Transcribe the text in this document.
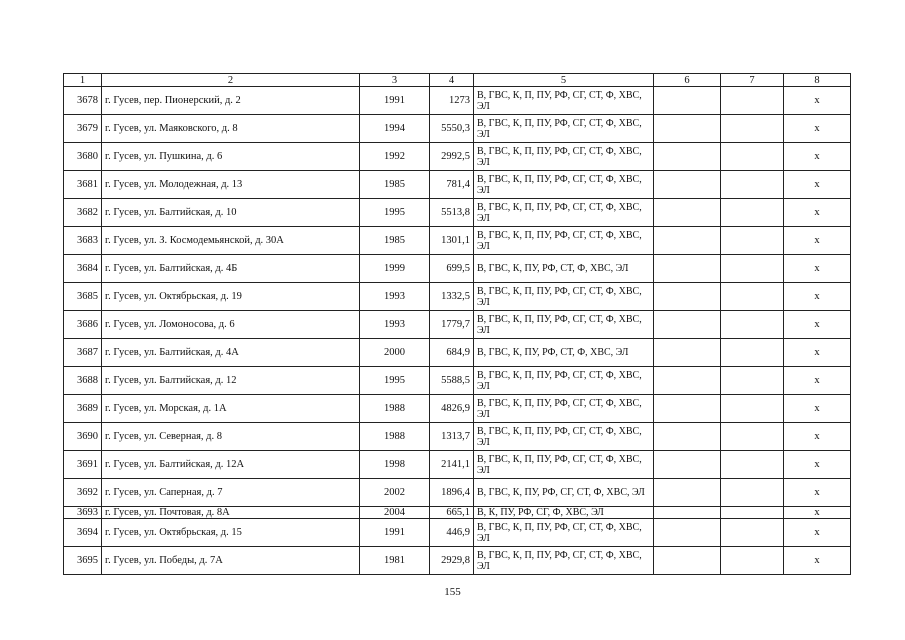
1	2	3	4	5	6	7	8
3678	г. Гусев, пер. Пионерский, д. 2	1991	1273	В, ГВС, К, П, ПУ, РФ, СГ, СТ, Ф, ХВС, ЭЛ			x
3679	г. Гусев, ул. Маяковского, д. 8	1994	5550,3	В, ГВС, К, П, ПУ, РФ, СГ, СТ, Ф, ХВС, ЭЛ			x
3680	г. Гусев, ул. Пушкина, д. 6	1992	2992,5	В, ГВС, К, П, ПУ, РФ, СГ, СТ, Ф, ХВС, ЭЛ			x
3681	г. Гусев, ул. Молодежная, д. 13	1985	781,4	В, ГВС, К, П, ПУ, РФ, СГ, СТ, Ф, ХВС, ЭЛ			x
3682	г. Гусев, ул. Балтийская, д. 10	1995	5513,8	В, ГВС, К, П, ПУ, РФ, СГ, СТ, Ф, ХВС, ЭЛ			x
3683	г. Гусев, ул. З. Космодемьянской, д. 30А	1985	1301,1	В, ГВС, К, П, ПУ, РФ, СГ, СТ, Ф, ХВС, ЭЛ			x
3684	г. Гусев, ул. Балтийская, д. 4Б	1999	699,5	В, ГВС, К, ПУ, РФ, СТ, Ф, ХВС, ЭЛ			x
3685	г. Гусев, ул. Октябрьская, д. 19	1993	1332,5	В, ГВС, К, П, ПУ, РФ, СГ, СТ, Ф, ХВС, ЭЛ			x
3686	г. Гусев, ул. Ломоносова, д. 6	1993	1779,7	В, ГВС, К, П, ПУ, РФ, СГ, СТ, Ф, ХВС, ЭЛ			x
3687	г. Гусев, ул. Балтийская, д. 4А	2000	684,9	В, ГВС, К, ПУ, РФ, СТ, Ф, ХВС, ЭЛ			x
3688	г. Гусев, ул. Балтийская, д. 12	1995	5588,5	В, ГВС, К, П, ПУ, РФ, СГ, СТ, Ф, ХВС, ЭЛ			x
3689	г. Гусев, ул. Морская, д. 1А	1988	4826,9	В, ГВС, К, П, ПУ, РФ, СГ, СТ, Ф, ХВС, ЭЛ			x
3690	г. Гусев, ул. Северная, д. 8	1988	1313,7	В, ГВС, К, П, ПУ, РФ, СГ, СТ, Ф, ХВС, ЭЛ			x
3691	г. Гусев, ул. Балтийская, д. 12А	1998	2141,1	В, ГВС, К, П, ПУ, РФ, СГ, СТ, Ф, ХВС, ЭЛ			x
3692	г. Гусев, ул. Саперная, д. 7	2002	1896,4	В, ГВС, К, ПУ, РФ, СГ, СТ, Ф, ХВС, ЭЛ			x
3693	г. Гусев, ул. Почтовая, д. 8А	2004	665,1	В, К, ПУ, РФ, СГ, Ф, ХВС, ЭЛ			x
3694	г. Гусев, ул. Октябрьская, д. 15	1991	446,9	В, ГВС, К, П, ПУ, РФ, СГ, СТ, Ф, ХВС, ЭЛ			x
3695	г. Гусев, ул. Победы, д. 7А	1981	2929,8	В, ГВС, К, П, ПУ, РФ, СГ, СТ, Ф, ХВС, ЭЛ			x
155
